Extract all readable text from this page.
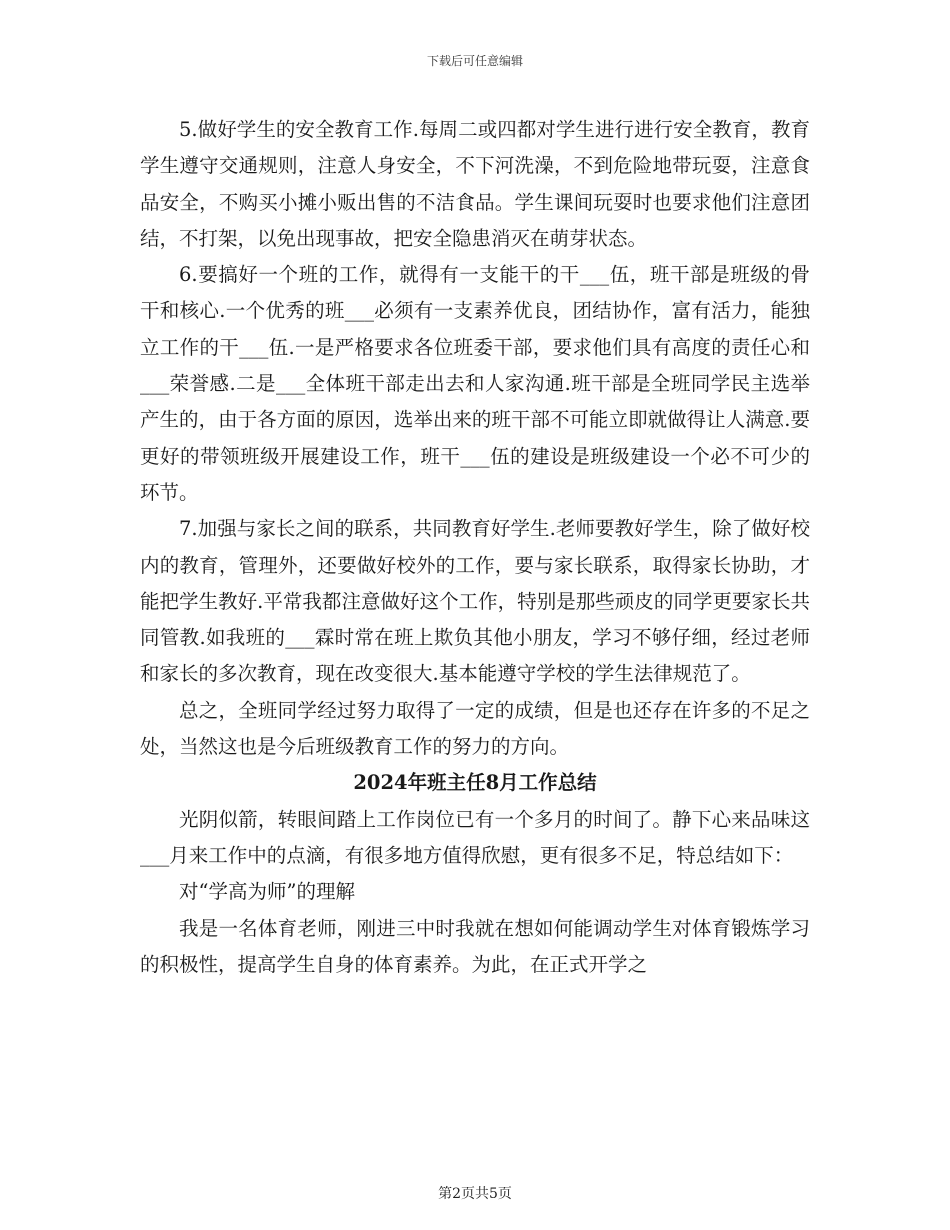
下载后可任意编辑

5.做好学生的安全教育工作.每周二或四都对学生进行进行安全教育，教育学生遵守交通规则，注意人身安全，不下河洗澡，不到危险地带玩耍，注意食品安全，不购买小摊小贩出售的不洁食品。学生课间玩耍时也要求他们注意团结，不打架，以免出现事故，把安全隐患消灭在萌芽状态。

6.要搞好一个班的工作，就得有一支能干的干___伍，班干部是班级的骨干和核心.一个优秀的班___必须有一支素养优良，团结协作，富有活力，能独立工作的干___伍.一是严格要求各位班委干部，要求他们具有高度的责任心和___荣誉感.二是___全体班干部走出去和人家沟通.班干部是全班同学民主选举产生的，由于各方面的原因，选举出来的班干部不可能立即就做得让人满意.要更好的带领班级开展建设工作，班干___伍的建设是班级建设一个必不可少的环节。

7.加强与家长之间的联系，共同教育好学生.老师要教好学生，除了做好校内的教育，管理外，还要做好校外的工作，要与家长联系，取得家长协助，才能把学生教好.平常我都注意做好这个工作，特别是那些顽皮的同学更要家长共同管教.如我班的___霖时常在班上欺负其他小朋友，学习不够仔细，经过老师和家长的多次教育，现在改变很大.基本能遵守学校的学生法律规范了。

总之，全班同学经过努力取得了一定的成绩，但是也还存在许多的不足之处，当然这也是今后班级教育工作的努力的方向。

2024年班主任8月工作总结

光阴似箭，转眼间踏上工作岗位已有一个多月的时间了。静下心来品味这___月来工作中的点滴，有很多地方值得欣慰，更有很多不足，特总结如下：

对“学高为师”的理解

我是一名体育老师，刚进三中时我就在想如何能调动学生对体育锻炼学习的积极性，提高学生自身的体育素养。为此，在正式开学之

第2页共5页
